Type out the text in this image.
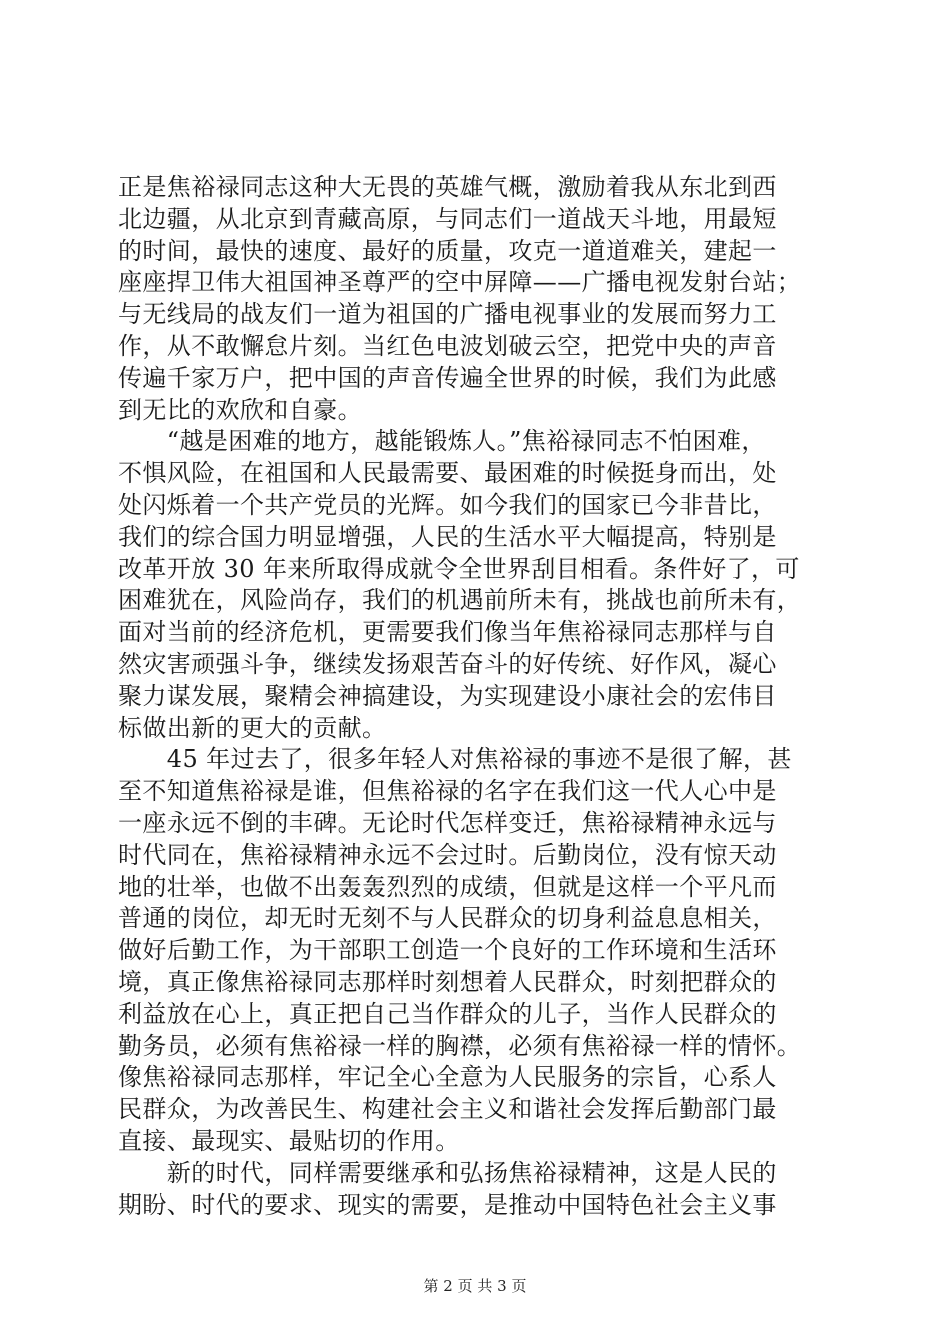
正是焦裕禄同志这种大无畏的英雄气概，激励着我从东北到西
北边疆，从北京到青藏高原，与同志们一道战天斗地，用最短
的时间，最快的速度、最好的质量，攻克一道道难关，建起一
座座捍卫伟大祖国神圣尊严的空中屏障——广播电视发射台站；
与无线局的战友们一道为祖国的广播电视事业的发展而努力工
作，从不敢懈怠片刻。当红色电波划破云空，把党中央的声音
传遍千家万户，把中国的声音传遍全世界的时候，我们为此感
到无比的欢欣和自豪。
　　“越是困难的地方，越能锻炼人。”焦裕禄同志不怕困难，
不惧风险，在祖国和人民最需要、最困难的时候挺身而出，处
处闪烁着一个共产党员的光辉。如今我们的国家已今非昔比，
我们的综合国力明显增强，人民的生活水平大幅提高，特别是
改革开放 30 年来所取得成就令全世界刮目相看。条件好了，可
困难犹在，风险尚存，我们的机遇前所未有，挑战也前所未有，
面对当前的经济危机，更需要我们像当年焦裕禄同志那样与自
然灾害顽强斗争，继续发扬艰苦奋斗的好传统、好作风，凝心
聚力谋发展，聚精会神搞建设，为实现建设小康社会的宏伟目
标做出新的更大的贡献。
　　45 年过去了，很多年轻人对焦裕禄的事迹不是很了解，甚
至不知道焦裕禄是谁，但焦裕禄的名字在我们这一代人心中是
一座永远不倒的丰碑。无论时代怎样变迁，焦裕禄精神永远与
时代同在，焦裕禄精神永远不会过时。后勤岗位，没有惊天动
地的壮举，也做不出轰轰烈烈的成绩，但就是这样一个平凡而
普通的岗位，却无时无刻不与人民群众的切身利益息息相关，
做好后勤工作，为干部职工创造一个良好的工作环境和生活环
境，真正像焦裕禄同志那样时刻想着人民群众，时刻把群众的
利益放在心上，真正把自己当作群众的儿子，当作人民群众的
勤务员，必须有焦裕禄一样的胸襟，必须有焦裕禄一样的情怀。
像焦裕禄同志那样，牢记全心全意为人民服务的宗旨，心系人
民群众，为改善民生、构建社会主义和谐社会发挥后勤部门最
直接、最现实、最贴切的作用。
　　新的时代，同样需要继承和弘扬焦裕禄精神，这是人民的
期盼、时代的要求、现实的需要，是推动中国特色社会主义事
第 2 页 共 3 页
